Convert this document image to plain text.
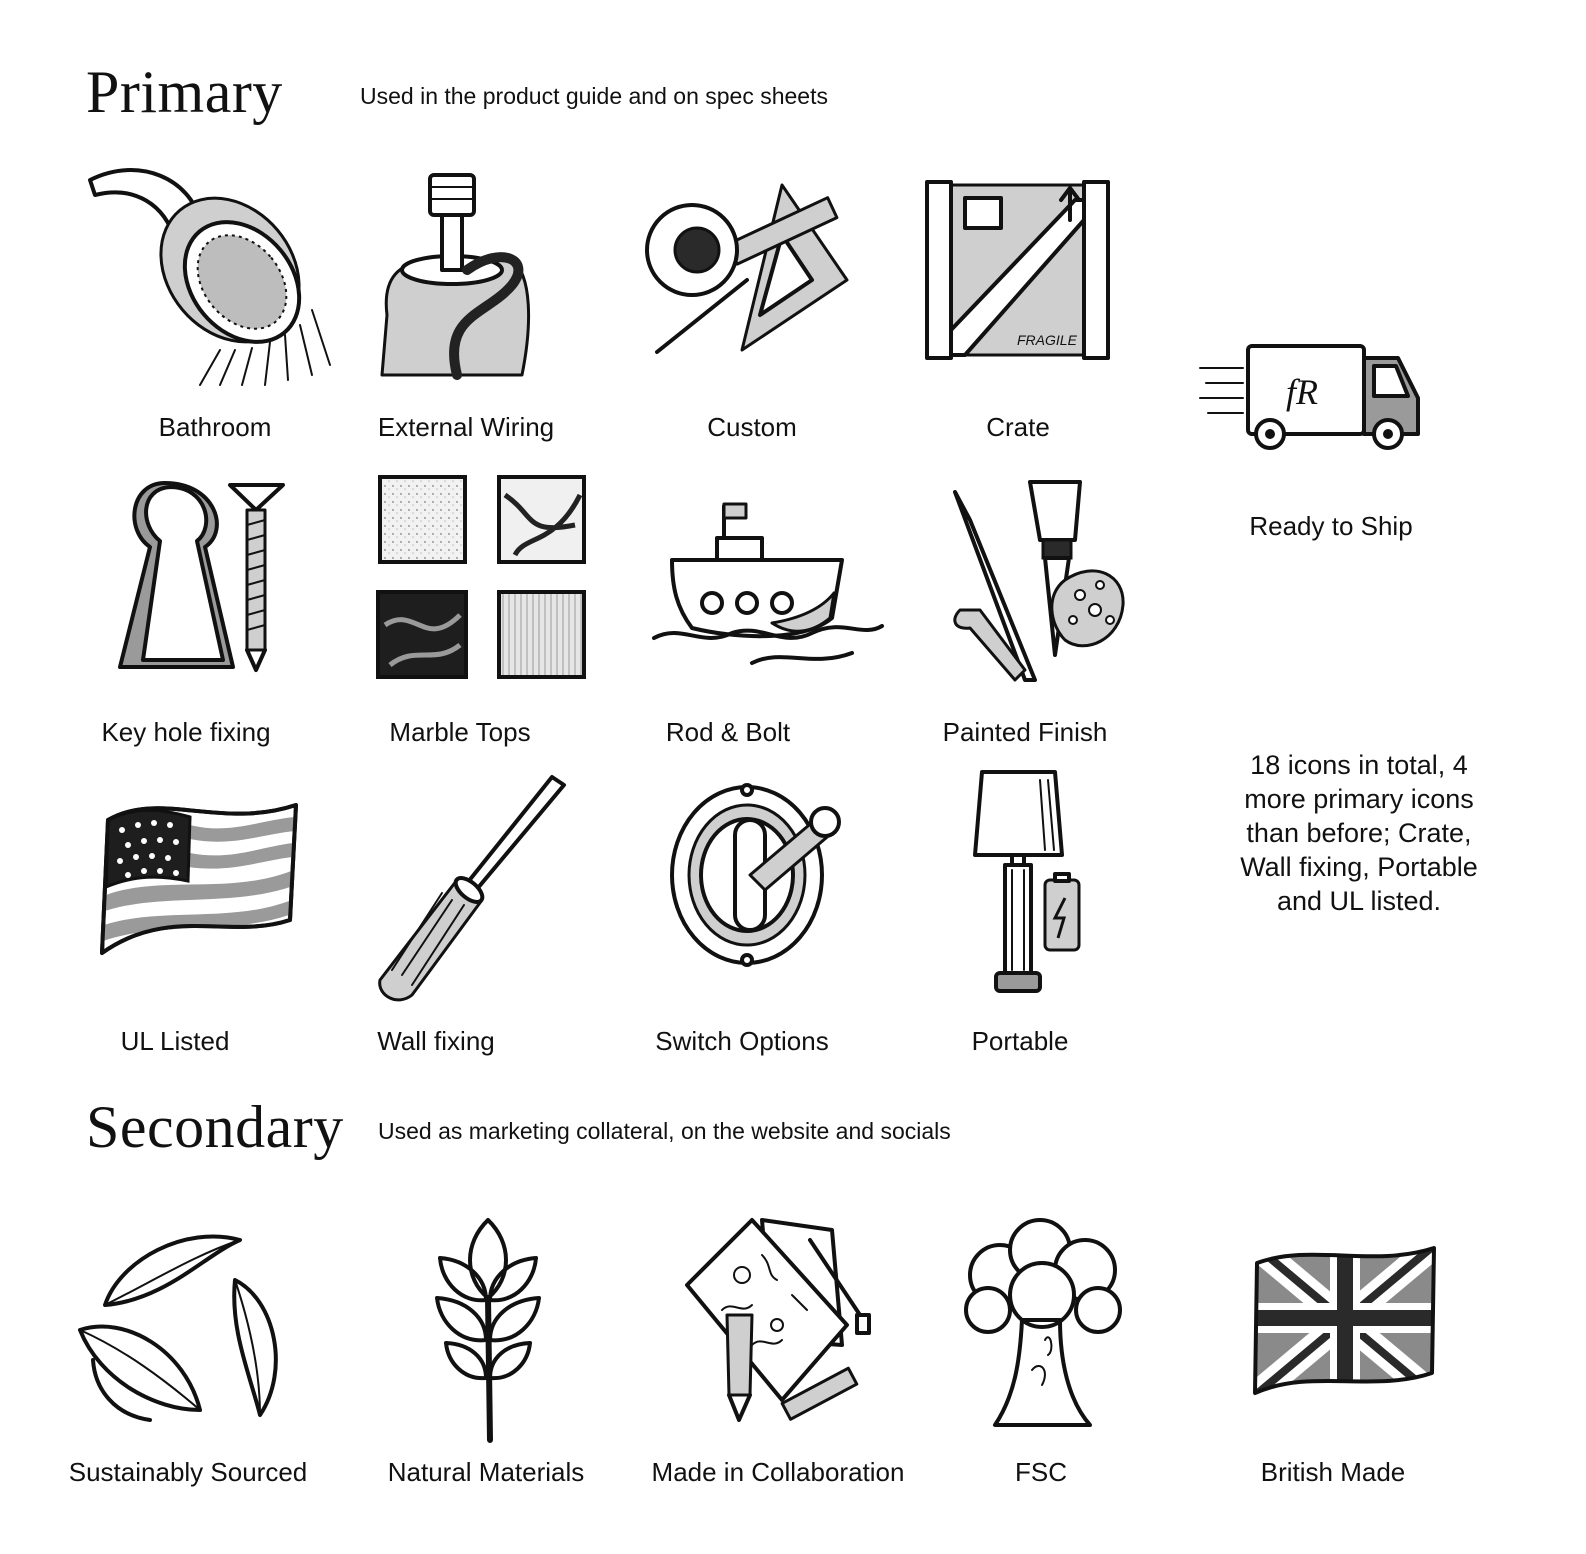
Primary	Used in the product guide and on spec sheets
Bathroom	External Wiring	Custom
FRAGILE
Crate
fR
Ready to Ship
Key hole fixing	Marble Tops	Rod & Bolt	Painted Finish
18 icons in total, 4 more primary icons than before; Crate, Wall fixing, Portable and UL listed.
UL Listed	Wall fixing	Switch Options	Portable
Secondary Used as marketing collateral, on the website and socials
Sustainably Sourced	Natural Materials	Made in Collaboration	FSC	British Made
